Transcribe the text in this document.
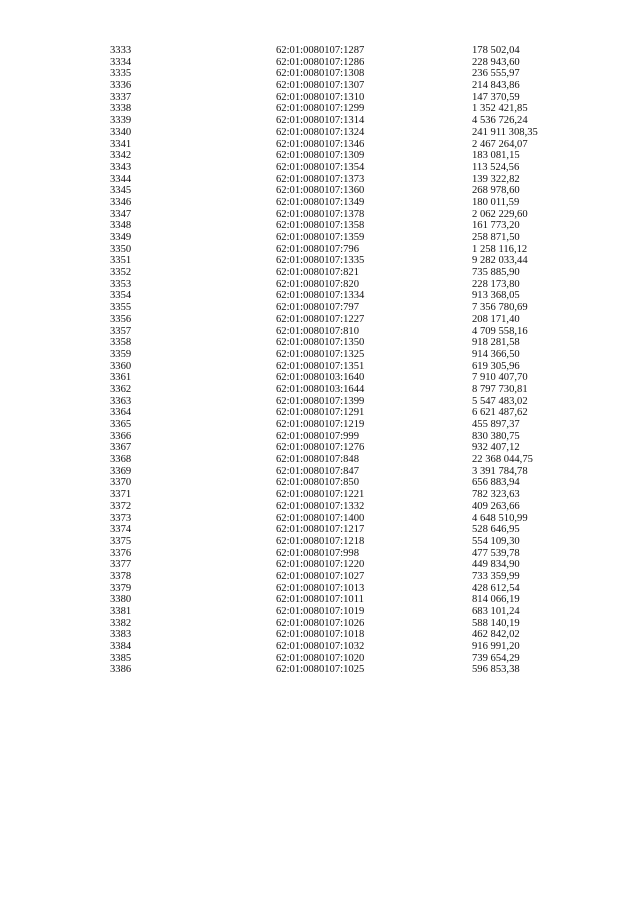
3333	62:01:0080107:1287	178 502,04
3334	62:01:0080107:1286	228 943,60
3335	62:01:0080107:1308	236 555,97
3336	62:01:0080107:1307	214 843,86
3337	62:01:0080107:1310	147 370,59
3338	62:01:0080107:1299	1 352 421,85
3339	62:01:0080107:1314	4 536 726,24
3340	62:01:0080107:1324	241 911 308,35
3341	62:01:0080107:1346	2 467 264,07
3342	62:01:0080107:1309	183 081,15
3343	62:01:0080107:1354	113 524,56
3344	62:01:0080107:1373	139 322,82
3345	62:01:0080107:1360	268 978,60
3346	62:01:0080107:1349	180 011,59
3347	62:01:0080107:1378	2 062 229,60
3348	62:01:0080107:1358	161 773,20
3349	62:01:0080107:1359	258 871,50
3350	62:01:0080107:796	1 258 116,12
3351	62:01:0080107:1335	9 282 033,44
3352	62:01:0080107:821	735 885,90
3353	62:01:0080107:820	228 173,80
3354	62:01:0080107:1334	913 368,05
3355	62:01:0080107:797	7 356 780,69
3356	62:01:0080107:1227	208 171,40
3357	62:01:0080107:810	4 709 558,16
3358	62:01:0080107:1350	918 281,58
3359	62:01:0080107:1325	914 366,50
3360	62:01:0080107:1351	619 305,96
3361	62:01:0080103:1640	7 910 407,70
3362	62:01:0080103:1644	8 797 730,81
3363	62:01:0080107:1399	5 547 483,02
3364	62:01:0080107:1291	6 621 487,62
3365	62:01:0080107:1219	455 897,37
3366	62:01:0080107:999	830 380,75
3367	62:01:0080107:1276	932 407,12
3368	62:01:0080107:848	22 368 044,75
3369	62:01:0080107:847	3 391 784,78
3370	62:01:0080107:850	656 883,94
3371	62:01:0080107:1221	782 323,63
3372	62:01:0080107:1332	409 263,66
3373	62:01:0080107:1400	4 648 510,99
3374	62:01:0080107:1217	528 646,95
3375	62:01:0080107:1218	554 109,30
3376	62:01:0080107:998	477 539,78
3377	62:01:0080107:1220	449 834,90
3378	62:01:0080107:1027	733 359,99
3379	62:01:0080107:1013	428 612,54
3380	62:01:0080107:1011	814 066,19
3381	62:01:0080107:1019	683 101,24
3382	62:01:0080107:1026	588 140,19
3383	62:01:0080107:1018	462 842,02
3384	62:01:0080107:1032	916 991,20
3385	62:01:0080107:1020	739 654,29
3386	62:01:0080107:1025	596 853,38
